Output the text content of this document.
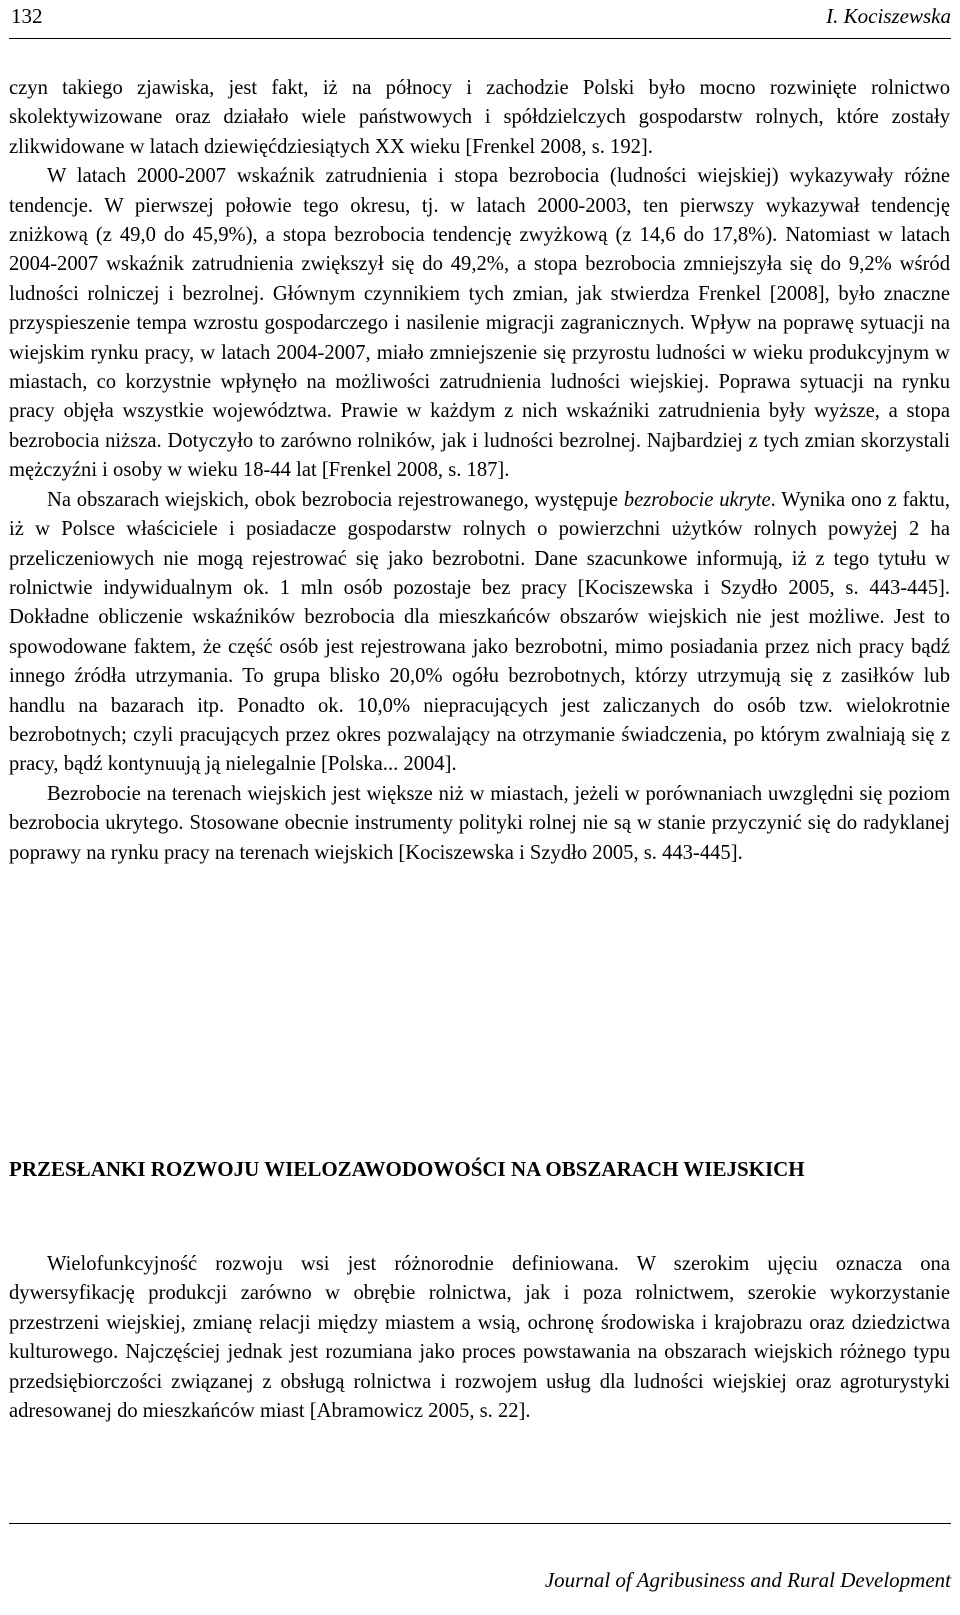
132	I. Kociszewska

czyn takiego zjawiska, jest fakt, iż na północy i zachodzie Polski było mocno rozwinięte rolnictwo skolektywizowane oraz działało wiele państwowych i spółdzielczych gospodarstw rolnych, które zostały zlikwidowane w latach dziewięćdziesiątych XX wieku [Frenkel 2008, s. 192].

W latach 2000-2007 wskaźnik zatrudnienia i stopa bezrobocia (ludności wiejskiej) wykazywały różne tendencje. W pierwszej połowie tego okresu, tj. w latach 2000-2003, ten pierwszy wykazywał tendencję zniżkową (z 49,0 do 45,9%), a stopa bezrobocia tendencję zwyżkową (z 14,6 do 17,8%). Natomiast w latach 2004-2007 wskaźnik zatrudnienia zwiększył się do 49,2%, a stopa bezrobocia zmniejszyła się do 9,2% wśród ludności rolniczej i bezrolnej. Głównym czynnikiem tych zmian, jak stwierdza Frenkel [2008], było znaczne przyspieszenie tempa wzrostu gospodarczego i nasilenie migracji zagranicznych. Wpływ na poprawę sytuacji na wiejskim rynku pracy, w latach 2004-2007, miało zmniejszenie się przyrostu ludności w wieku produkcyjnym w miastach, co korzystnie wpłynęło na możliwości zatrudnienia ludności wiejskiej. Poprawa sytuacji na rynku pracy objęła wszystkie województwa. Prawie w każdym z nich wskaźniki zatrudnienia były wyższe, a stopa bezrobocia niższa. Dotyczyło to zarówno rolników, jak i ludności bezrolnej. Najbardziej z tych zmian skorzystali mężczyźni i osoby w wieku 18-44 lat [Frenkel 2008, s. 187].

Na obszarach wiejskich, obok bezrobocia rejestrowanego, występuje bezrobocie ukryte. Wynika ono z faktu, iż w Polsce właściciele i posiadacze gospodarstw rolnych o powierzchni użytków rolnych powyżej 2 ha przeliczeniowych nie mogą rejestrować się jako bezrobotni. Dane szacunkowe informują, iż z tego tytułu w rolnictwie indywidualnym ok. 1 mln osób pozostaje bez pracy [Kociszewska i Szydło 2005, s. 443-445]. Dokładne obliczenie wskaźników bezrobocia dla mieszkańców obszarów wiejskich nie jest możliwe. Jest to spowodowane faktem, że część osób jest rejestrowana jako bezrobotni, mimo posiadania przez nich pracy bądź innego źródła utrzymania. To grupa blisko 20,0% ogółu bezrobotnych, którzy utrzymują się z zasiłków lub handlu na bazarach itp. Ponadto ok. 10,0% niepracujących jest zaliczanych do osób tzw. wielokrotnie bezrobotnych; czyli pracujących przez okres pozwalający na otrzymanie świadczenia, po którym zwalniają się z pracy, bądź kontynuują ją nielegalnie [Polska... 2004].

Bezrobocie na terenach wiejskich jest większe niż w miastach, jeżeli w porównaniach uwzględni się poziom bezrobocia ukrytego. Stosowane obecnie instrumenty polityki rolnej nie są w stanie przyczynić się do radyklanej poprawy na rynku pracy na terenach wiejskich [Kociszewska i Szydło 2005, s. 443-445].

PRZESŁANKI ROZWOJU WIELOZAWODOWOŚCI NA OBSZARACH WIEJSKICH

Wielofunkcyjność rozwoju wsi jest różnorodnie definiowana. W szerokim ujęciu oznacza ona dywersyfikację produkcji zarówno w obrębie rolnictwa, jak i poza rolnictwem, szerokie wykorzystanie przestrzeni wiejskiej, zmianę relacji między miastem a wsią, ochronę środowiska i krajobrazu oraz dziedzictwa kulturowego. Najczęściej jednak jest rozumiana jako proces powstawania na obszarach wiejskich różnego typu przedsiębiorczości związanej z obsługą rolnictwa i rozwojem usług dla ludności wiejskiej oraz agroturystyki adresowanej do mieszkańców miast [Abramowicz 2005, s. 22].

Journal of Agribusiness and Rural Development
